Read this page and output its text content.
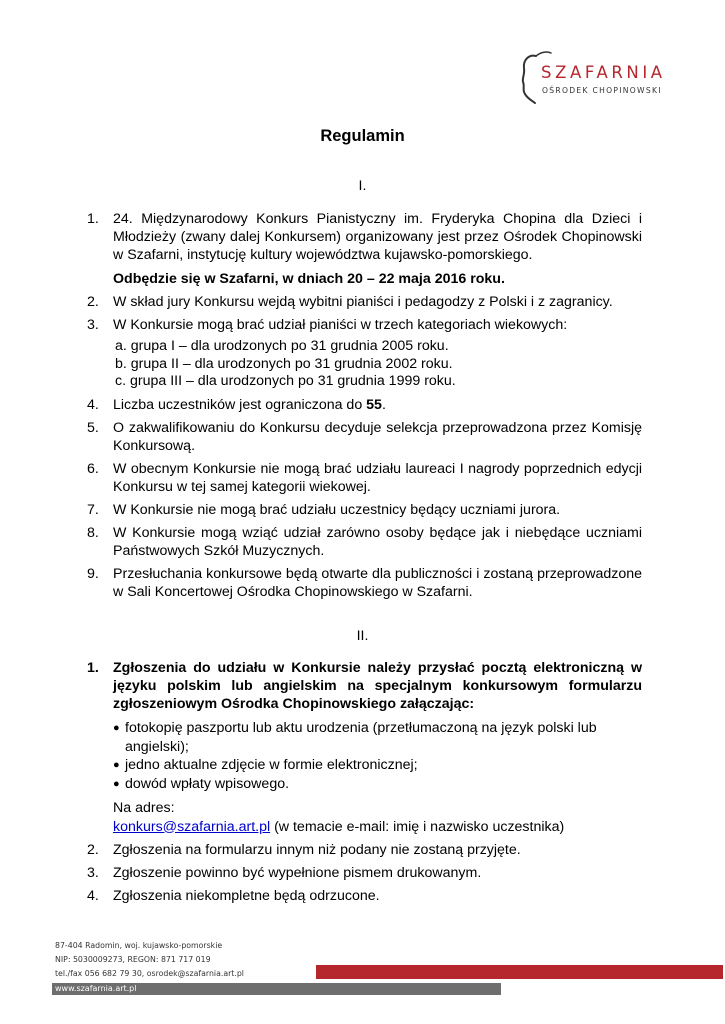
SZAFARNIA
OŚRODEK CHOPINOWSKI
Regulamin
I.
1. 24. Międzynarodowy Konkurs Pianistyczny im. Fryderyka Chopina dla Dzieci i Młodzieży (zwany dalej Konkursem) organizowany jest przez Ośrodek Chopinowski w Szafarni, instytucję kultury województwa kujawsko-pomorskiego.
Odbędzie się w Szafarni, w dniach 20 – 22 maja 2016 roku.
2. W skład jury Konkursu wejdą wybitni pianiści i pedagodzy z Polski i z zagranicy.
3. W Konkursie mogą brać udział pianiści w trzech kategoriach wiekowych:
a. grupa I – dla urodzonych po 31 grudnia 2005 roku.
b. grupa II – dla urodzonych po 31 grudnia 2002 roku.
c. grupa III – dla urodzonych po 31 grudnia 1999 roku.
4. Liczba uczestników jest ograniczona do 55.
5. O zakwalifikowaniu do Konkursu decyduje selekcja przeprowadzona przez Komisję Konkursową.
6. W obecnym Konkursie nie mogą brać udziału laureaci I nagrody poprzednich edycji Konkursu w tej samej kategorii wiekowej.
7. W Konkursie nie mogą brać udziału uczestnicy będący uczniami jurora.
8. W Konkursie mogą wziąć udział zarówno osoby będące jak i niebędące uczniami Państwowych Szkół Muzycznych.
9. Przesłuchania konkursowe będą otwarte dla publiczności i zostaną przeprowadzone w Sali Koncertowej Ośrodka Chopinowskiego w Szafarni.
II.
1. Zgłoszenia do udziału w Konkursie należy przysłać pocztą elektroniczną w języku polskim lub angielskim na specjalnym konkursowym formularzu zgłoszeniowym Ośrodka Chopinowskiego załączając:
● fotokopię paszportu lub aktu urodzenia (przetłumaczoną na język polski lub angielski);
● jedno aktualne zdjęcie w formie elektronicznej;
● dowód wpłaty wpisowego.
Na adres:
konkurs@szafarnia.art.pl (w temacie e-mail: imię i nazwisko uczestnika)
2. Zgłoszenia na formularzu innym niż podany nie zostaną przyjęte.
3. Zgłoszenie powinno być wypełnione pismem drukowanym.
4. Zgłoszenia niekompletne będą odrzucone.
87-404 Radomin, woj. kujawsko-pomorskie
NIP: 5030009273, REGON: 871 717 019
tel./fax 056 682 79 30, osrodek@szafarnia.art.pl
www.szafarnia.art.pl
